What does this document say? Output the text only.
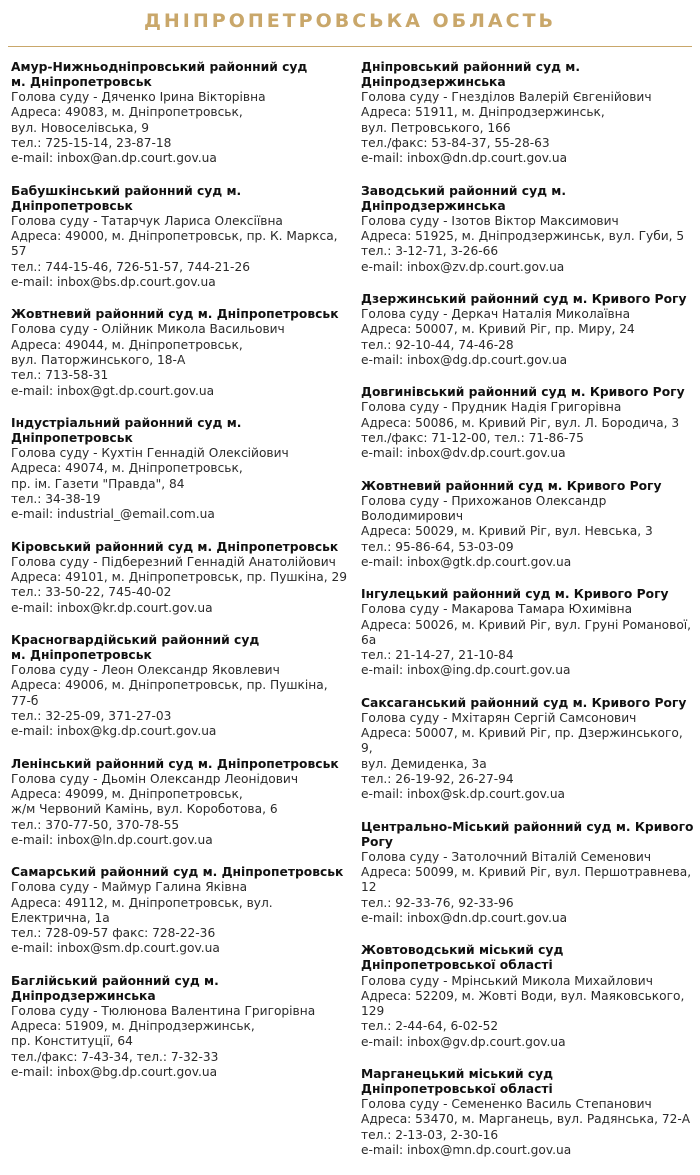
ДНІПРОПЕТРОВСЬКА ОБЛАСТЬ
Амур-Нижньодніпровський районний суд
м. Дніпропетровськ
Голова суду - Дяченко Ірина Вікторівна
Адреса: 49083, м. Дніпропетровськ,
вул. Новоселівська, 9
тел.: 725-15-14, 23-87-18
e-mail: inbox@an.dp.court.gov.ua
Бабушкінський районний суд м. Дніпропетровськ
Голова суду - Татарчук Лариса Олексіївна
Адреса: 49000, м. Дніпропетровськ, пр. К. Маркса, 57
тел.: 744-15-46, 726-51-57, 744-21-26
e-mail: inbox@bs.dp.court.gov.ua
Жовтневий районний суд м. Дніпропетровськ
Голова суду - Олійник Микола Васильович
Адреса: 49044, м. Дніпропетровськ,
вул. Паторжинського, 18-А
тел.: 713-58-31
e-mail: inbox@gt.dp.court.gov.ua
Індустріальний районний суд м. Дніпропетровськ
Голова суду - Кухтін Геннадій Олексійович
Адреса: 49074, м. Дніпропетровськ,
пр. ім. Газети "Правда", 84
тел.: 34-38-19
e-mail: industrial_@email.com.ua
Кіровський районний суд м. Дніпропетровськ
Голова суду - Підберезний Геннадій Анатолійович
Адреса: 49101, м. Дніпропетровськ, пр. Пушкіна, 29
тел.: 33-50-22, 745-40-02
e-mail: inbox@kr.dp.court.gov.ua
Красногвардійський районний суд
м. Дніпропетровськ
Голова суду - Леон Олександр Яковлевич
Адреса: 49006, м. Дніпропетровськ, пр. Пушкіна, 77-б
тел.: 32-25-09, 371-27-03
e-mail: inbox@kg.dp.court.gov.ua
Ленінський районний суд м. Дніпропетровськ
Голова суду - Дьомін Олександр Леонідович
Адреса: 49099, м. Дніпропетровськ,
ж/м Червоний Камінь, вул. Короботова, 6
тел.: 370-77-50, 370-78-55
e-mail: inbox@ln.dp.court.gov.ua
Самарський районний суд м. Дніпропетровськ
Голова суду - Маймур Галина Яківна
Адреса: 49112, м. Дніпропетровськ, вул. Електрична, 1а
тел.: 728-09-57 факс: 728-22-36
e-mail: inbox@sm.dp.court.gov.ua
Баглійський районний суд м. Дніпродзержинська
Голова суду - Тюлюнова Валентина Григорівна
Адреса: 51909, м. Дніпродзержинськ,
пр. Конституції, 64
тел./факс: 7-43-34, тел.: 7-32-33
e-mail: inbox@bg.dp.court.gov.ua
Дніпровський районний суд м. Дніпродзержинська
Голова суду - Гнезділов Валерій Євгенійович
Адреса: 51911, м. Дніпродзержинськ,
вул. Петровського, 166
тел./факс: 53-84-37, 55-28-63
e-mail: inbox@dn.dp.court.gov.ua
Заводський районний суд м. Дніпродзержинська
Голова суду - Ізотов Віктор Максимович
Адреса: 51925, м. Дніпродзержинськ, вул. Губи, 5
тел.: 3-12-71, 3-26-66
e-mail: inbox@zv.dp.court.gov.ua
Дзержинський районний суд м. Кривого Рогу
Голова суду - Деркач Наталія Миколаївна
Адреса: 50007, м. Кривий Ріг, пр. Миру, 24
тел.: 92-10-44, 74-46-28
e-mail: inbox@dg.dp.court.gov.ua
Довгинівський районний суд м. Кривого Рогу
Голова суду - Прудник Надія Григорівна
Адреса: 50086, м. Кривий Ріг, вул. Л. Бородича, 3
тел./факс: 71-12-00, тел.: 71-86-75
e-mail: inbox@dv.dp.court.gov.ua
Жовтневий районний суд м. Кривого Рогу
Голова суду - Прихожанов Олександр Володимирович
Адреса: 50029, м. Кривий Ріг, вул. Невська, 3
тел.: 95-86-64, 53-03-09
e-mail: inbox@gtk.dp.court.gov.ua
Інгулецький районний суд м. Кривого Рогу
Голова суду - Макарова Тамара Юхимівна
Адреса: 50026, м. Кривий Ріг, вул. Груні Романової, 6а
тел.: 21-14-27, 21-10-84
e-mail: inbox@ing.dp.court.gov.ua
Саксаганський районний суд м. Кривого Рогу
Голова суду - Мхітарян Сергій Самсонович
Адреса: 50007, м. Кривий Ріг, пр. Дзержинського, 9,
вул. Демиденка, 3а
тел.: 26-19-92, 26-27-94
e-mail: inbox@sk.dp.court.gov.ua
Центрально-Міський районний суд м. Кривого Рогу
Голова суду - Затолочний Віталій Семенович
Адреса: 50099, м. Кривий Ріг, вул. Першотравнева, 12
тел.: 92-33-76, 92-33-96
e-mail: inbox@dn.dp.court.gov.ua
Жовтоводський міський суд
Дніпропетровської області
Голова суду - Мрінський Микола Михайлович
Адреса: 52209, м. Жовті Води, вул. Маяковського, 129
тел.: 2-44-64, 6-02-52
e-mail: inbox@gv.dp.court.gov.ua
Марганецький міський суд
Дніпропетровської області
Голова суду - Семененко Василь Степанович
Адреса: 53470, м. Марганець, вул. Радянська, 72-А
тел.: 2-13-03, 2-30-16
e-mail: inbox@mn.dp.court.gov.ua
